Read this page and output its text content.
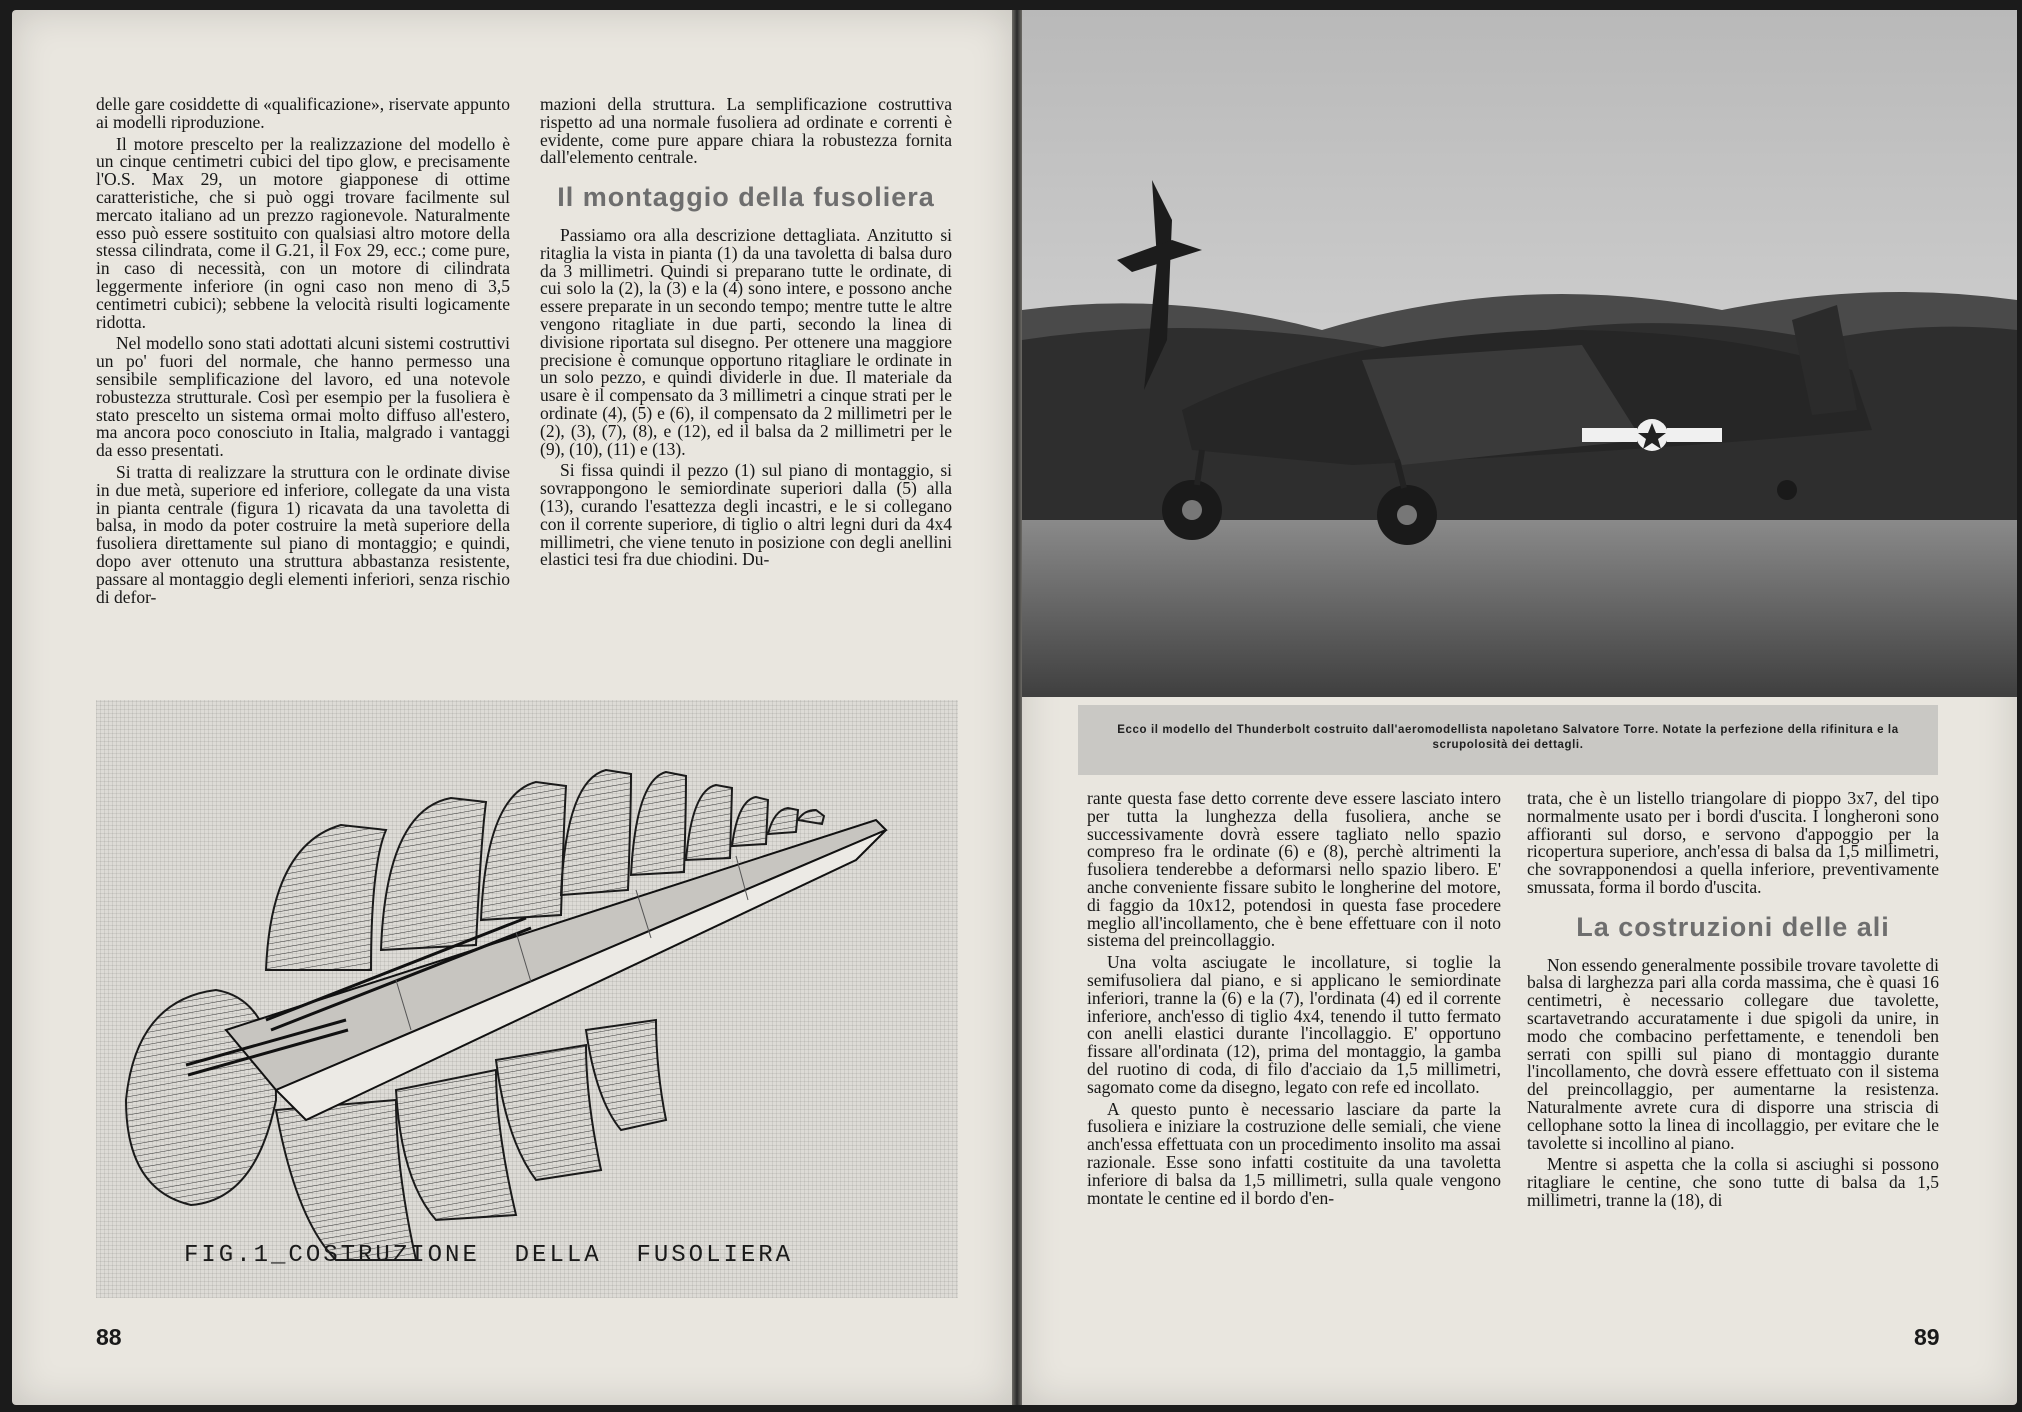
delle gare cosiddette di «qualificazione», riservate appunto ai modelli riproduzione.

Il motore prescelto per la realizzazione del modello è un cinque centimetri cubici del tipo glow, e precisamente l'O.S. Max 29, un motore giapponese di ottime caratteristiche, che si può oggi trovare facilmente sul mercato italiano ad un prezzo ragionevole. Naturalmente esso può essere sostituito con qualsiasi altro motore della stessa cilindrata, come il G.21, il Fox 29, ecc.; come pure, in caso di necessità, con un motore di cilindrata leggermente inferiore (in ogni caso non meno di 3,5 centimetri cubici); sebbene la velocità risulti logicamente ridotta.

Nel modello sono stati adottati alcuni sistemi costruttivi un po' fuori del normale, che hanno permesso una sensibile semplificazione del lavoro, ed una notevole robustezza strutturale. Così per esempio per la fusoliera è stato prescelto un sistema ormai molto diffuso all'estero, ma ancora poco conosciuto in Italia, malgrado i vantaggi da esso presentati.

Si tratta di realizzare la struttura con le ordinate divise in due metà, superiore ed inferiore, collegate da una vista in pianta centrale (figura 1) ricavata da una tavoletta di balsa, in modo da poter costruire la metà superiore della fusoliera direttamente sul piano di montaggio; e quindi, dopo aver ottenuto una struttura abbastanza resistente, passare al montaggio degli elementi inferiori, senza rischio di defor-

mazioni della struttura. La semplificazione costruttiva rispetto ad una normale fusoliera ad ordinate e correnti è evidente, come pure appare chiara la robustezza fornita dall'elemento centrale.

Il montaggio della fusoliera

Passiamo ora alla descrizione dettagliata. Anzitutto si ritaglia la vista in pianta (1) da una tavoletta di balsa duro da 3 millimetri. Quindi si preparano tutte le ordinate, di cui solo la (2), la (3) e la (4) sono intere, e possono anche essere preparate in un secondo tempo; mentre tutte le altre vengono ritagliate in due parti, secondo la linea di divisione riportata sul disegno. Per ottenere una maggiore precisione è comunque opportuno ritagliare le ordinate in un solo pezzo, e quindi dividerle in due. Il materiale da usare è il compensato da 3 millimetri a cinque strati per le ordinate (4), (5) e (6), il compensato da 2 millimetri per le (2), (3), (7), (8), e (12), ed il balsa da 2 millimetri per le (9), (10), (11) e (13).

Si fissa quindi il pezzo (1) sul piano di montaggio, si sovrappongono le semiordinate superiori dalla (5) alla (13), curando l'esattezza degli incastri, e le si collegano con il corrente superiore, di tiglio o altri legni duri da 4x4 millimetri, che viene tenuto in posizione con degli anellini elastici tesi fra due chiodini. Du-

FIG.1_COSTRUZIONE  DELLA  FUSOLIERA
88
Ecco il modello del Thunderbolt costruito dall'aeromodellista napoletano Salvatore Torre. Notate la perfezione della rifinitura e la scrupolosità dei dettagli.

rante questa fase detto corrente deve essere lasciato intero per tutta la lunghezza della fusoliera, anche se successivamente dovrà essere tagliato nello spazio compreso fra le ordinate (6) e (8), perchè altrimenti la fusoliera tenderebbe a deformarsi nello spazio libero. E' anche conveniente fissare subito le longherine del motore, di faggio da 10x12, potendosi in questa fase procedere meglio all'incollamento, che è bene effettuare con il noto sistema del preincollaggio.

Una volta asciugate le incollature, si toglie la semifusoliera dal piano, e si applicano le semiordinate inferiori, tranne la (6) e la (7), l'ordinata (4) ed il corrente inferiore, anch'esso di tiglio 4x4, tenendo il tutto fermato con anelli elastici durante l'incollaggio. E' opportuno fissare all'ordinata (12), prima del montaggio, la gamba del ruotino di coda, di filo d'acciaio da 1,5 millimetri, sagomato come da disegno, legato con refe ed incollato.

A questo punto è necessario lasciare da parte la fusoliera e iniziare la costruzione delle semiali, che viene anch'essa effettuata con un procedimento insolito ma assai razionale. Esse sono infatti costituite da una tavoletta inferiore di balsa da 1,5 millimetri, sulla quale vengono montate le centine ed il bordo d'en-

trata, che è un listello triangolare di pioppo 3x7, del tipo normalmente usato per i bordi d'uscita. I longheroni sono affioranti sul dorso, e servono d'appoggio per la ricopertura superiore, anch'essa di balsa da 1,5 millimetri, che sovrapponendosi a quella inferiore, preventivamente smussata, forma il bordo d'uscita.

La costruzioni delle ali

Non essendo generalmente possibile trovare tavolette di balsa di larghezza pari alla corda massima, che è quasi 16 centimetri, è necessario collegare due tavolette, scartavetrando accuratamente i due spigoli da unire, in modo che combacino perfettamente, e tenendoli ben serrati con spilli sul piano di montaggio durante l'incollamento, che dovrà essere effettuato con il sistema del preincollaggio, per aumentarne la resistenza. Naturalmente avrete cura di disporre una striscia di cellophane sotto la linea di incollaggio, per evitare che le tavolette si incollino al piano.

Mentre si aspetta che la colla si asciughi si possono ritagliare le centine, che sono tutte di balsa da 1,5 millimetri, tranne la (18), di

89
